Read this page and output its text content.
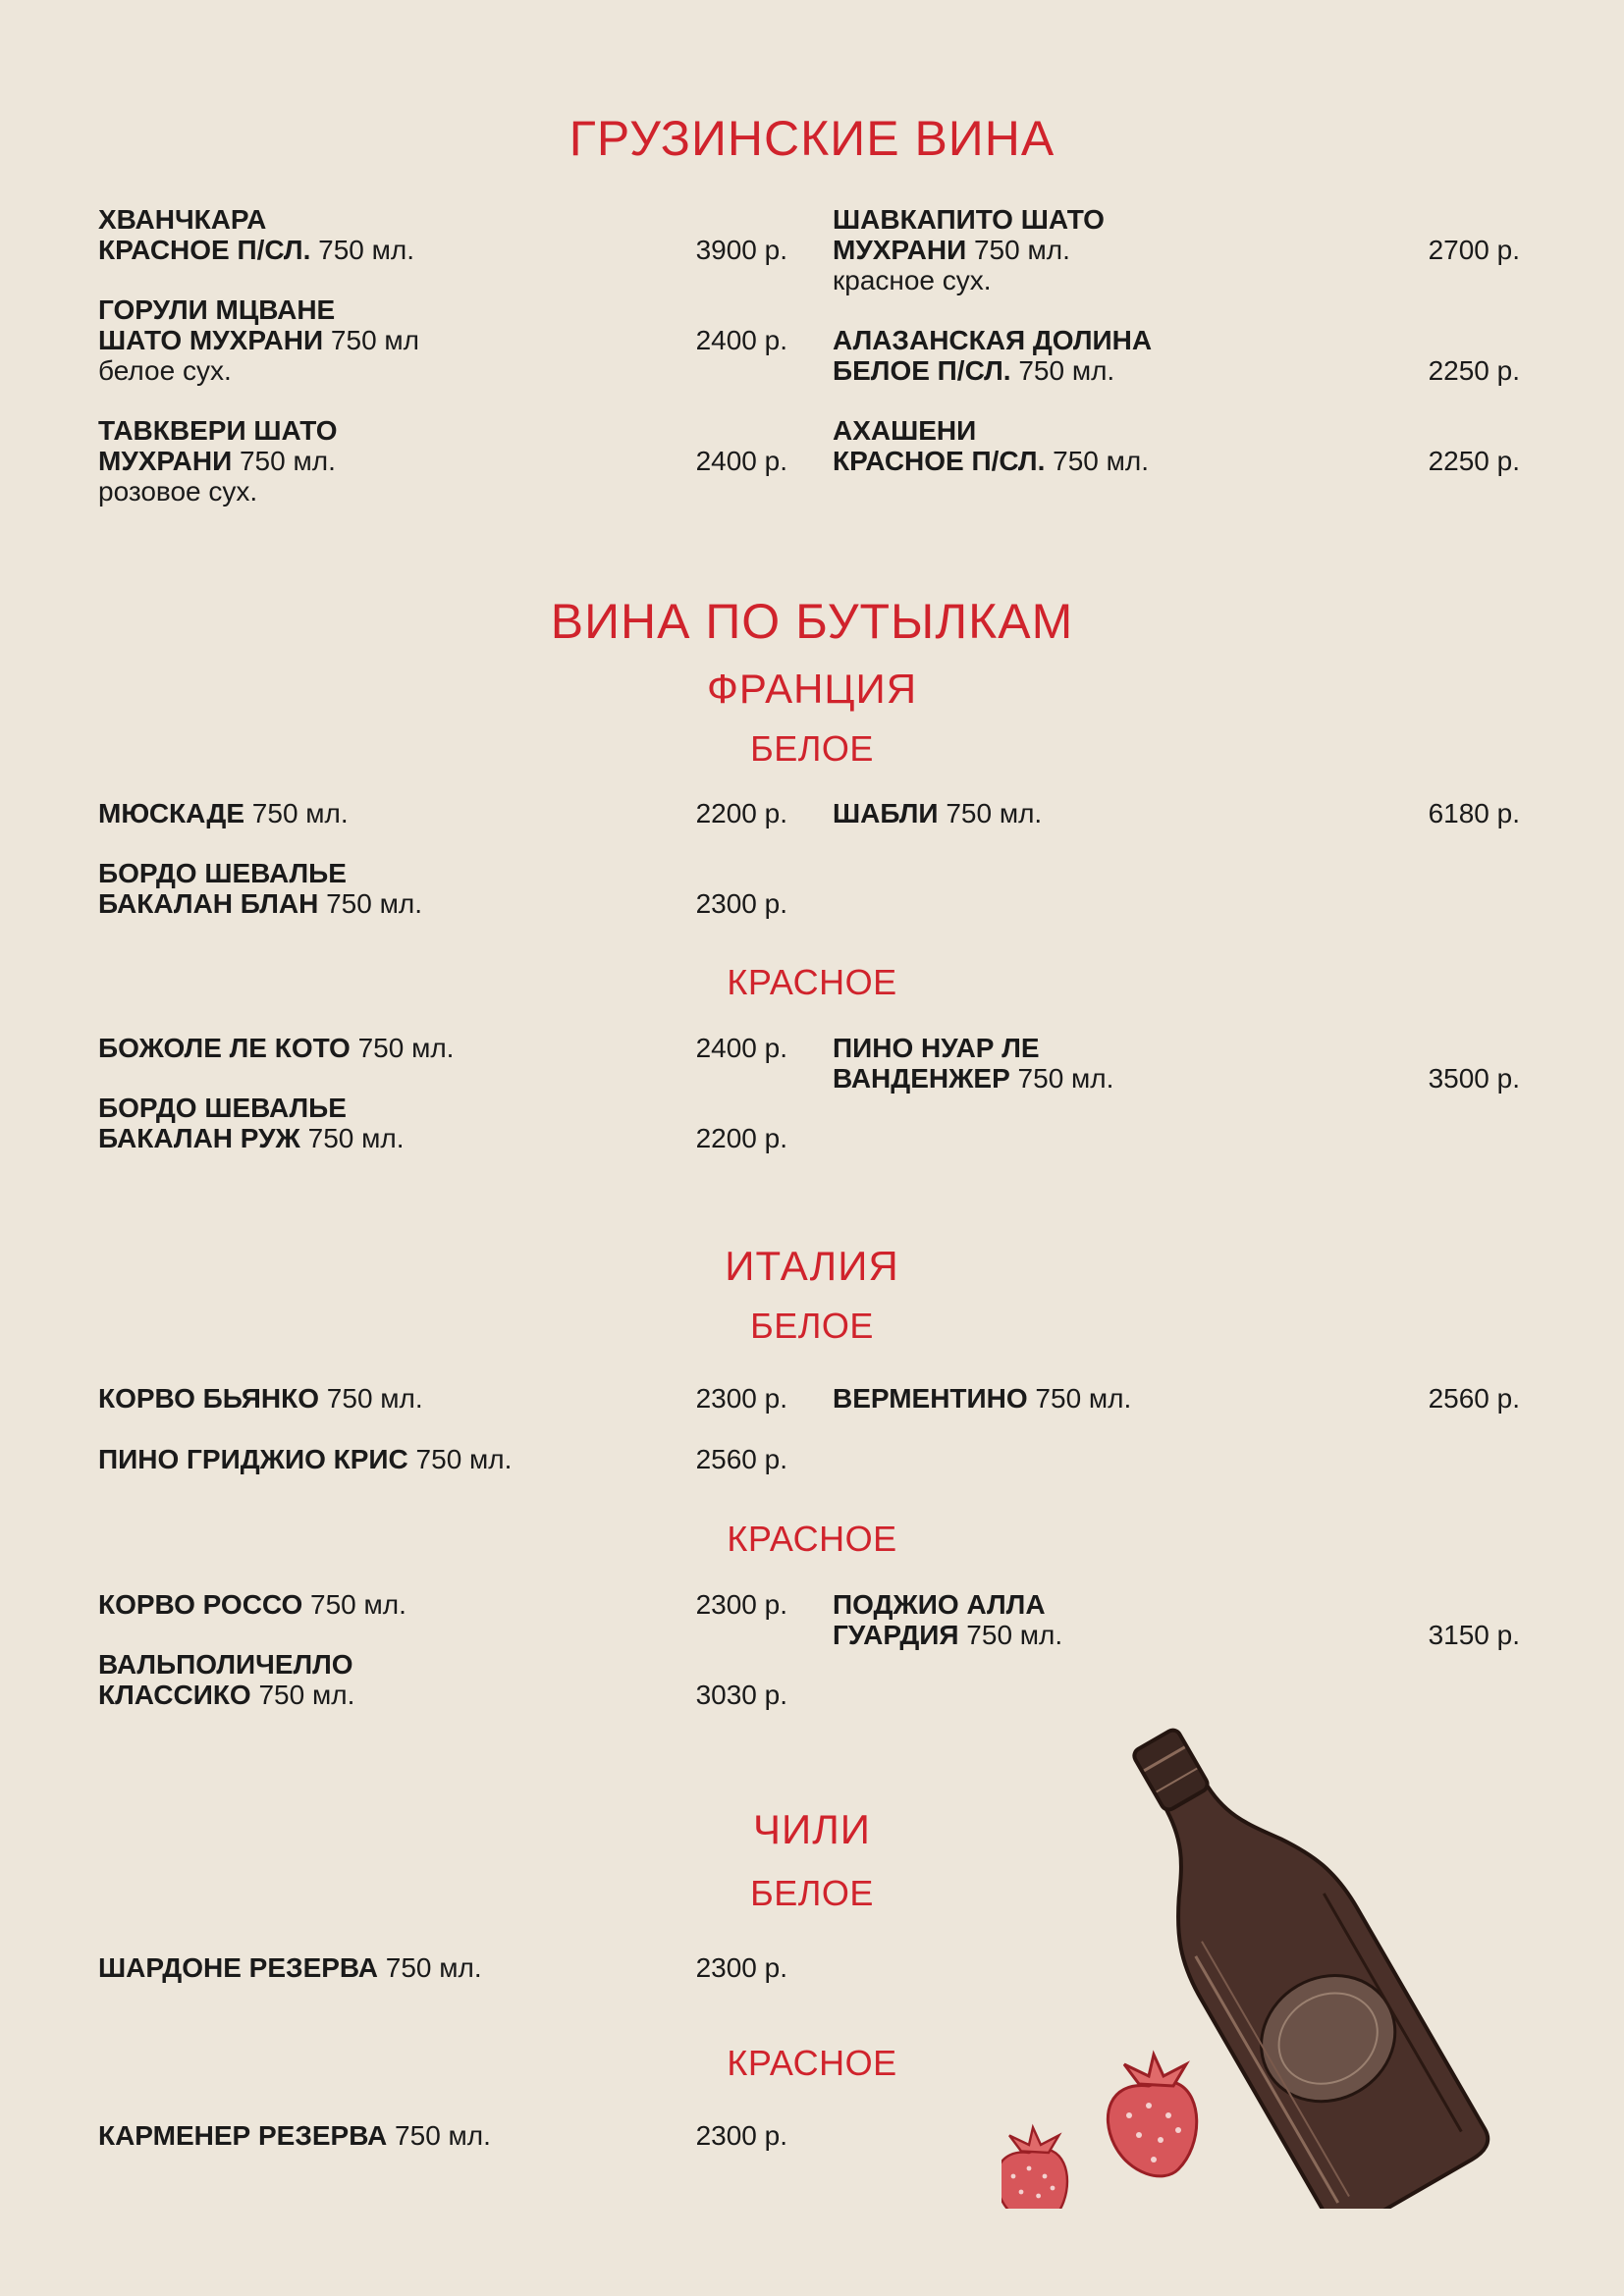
ГРУЗИНСКИЕ ВИНА
ХВАНЧКАРА
КРАСНОЕ П/СЛ. 750 мл.	3900 р.
ГОРУЛИ МЦВАНЕ
ШАТО МУХРАНИ 750 мл
белое сух.
2400 р.
ТАВКВЕРИ ШАТО
МУХРАНИ 750 мл.
розовое сух.
2400 р.
ШАВКАПИТО ШАТО
МУХРАНИ 750 мл.
красное сух.
2700 р.
АЛАЗАНСКАЯ ДОЛИНА
БЕЛОЕ П/СЛ. 750 мл.	2250 р.
АХАШЕНИ
КРАСНОЕ П/СЛ. 750 мл.	2250 р.
ВИНА ПО БУТЫЛКАМ
ФРАНЦИЯ
БЕЛОЕ
МЮСКАДЕ 750 мл.	2200 р.
БОРДО ШЕВАЛЬЕ
БАКАЛАН БЛАН 750 мл.	2300 р.
ШАБЛИ 750 мл.	6180 р.
КРАСНОЕ
БОЖОЛЕ ЛЕ КОТО 750 мл.	2400 р.
БОРДО ШЕВАЛЬЕ
БАКАЛАН РУЖ 750 мл.	2200 р.
ПИНО НУАР ЛЕ
ВАНДЕНЖЕР 750 мл.	3500 р.
ИТАЛИЯ
БЕЛОЕ
КОРВО БЬЯНКО 750 мл.	2300 р.
ПИНО ГРИДЖИО КРИС 750 мл.	2560 р.
ВЕРМЕНТИНО 750 мл.	2560 р.
КРАСНОЕ
КОРВО РОССО 750 мл.	2300 р.
ВАЛЬПОЛИЧЕЛЛО
КЛАССИКО 750 мл.	3030 р.
ПОДЖИО АЛЛА
ГУАРДИЯ 750 мл.	3150 р.
ЧИЛИ
БЕЛОЕ
ШАРДОНЕ РЕЗЕРВА 750 мл.	2300 р.
КРАСНОЕ
КАРМЕНЕР РЕЗЕРВА 750 мл.	2300 р.
